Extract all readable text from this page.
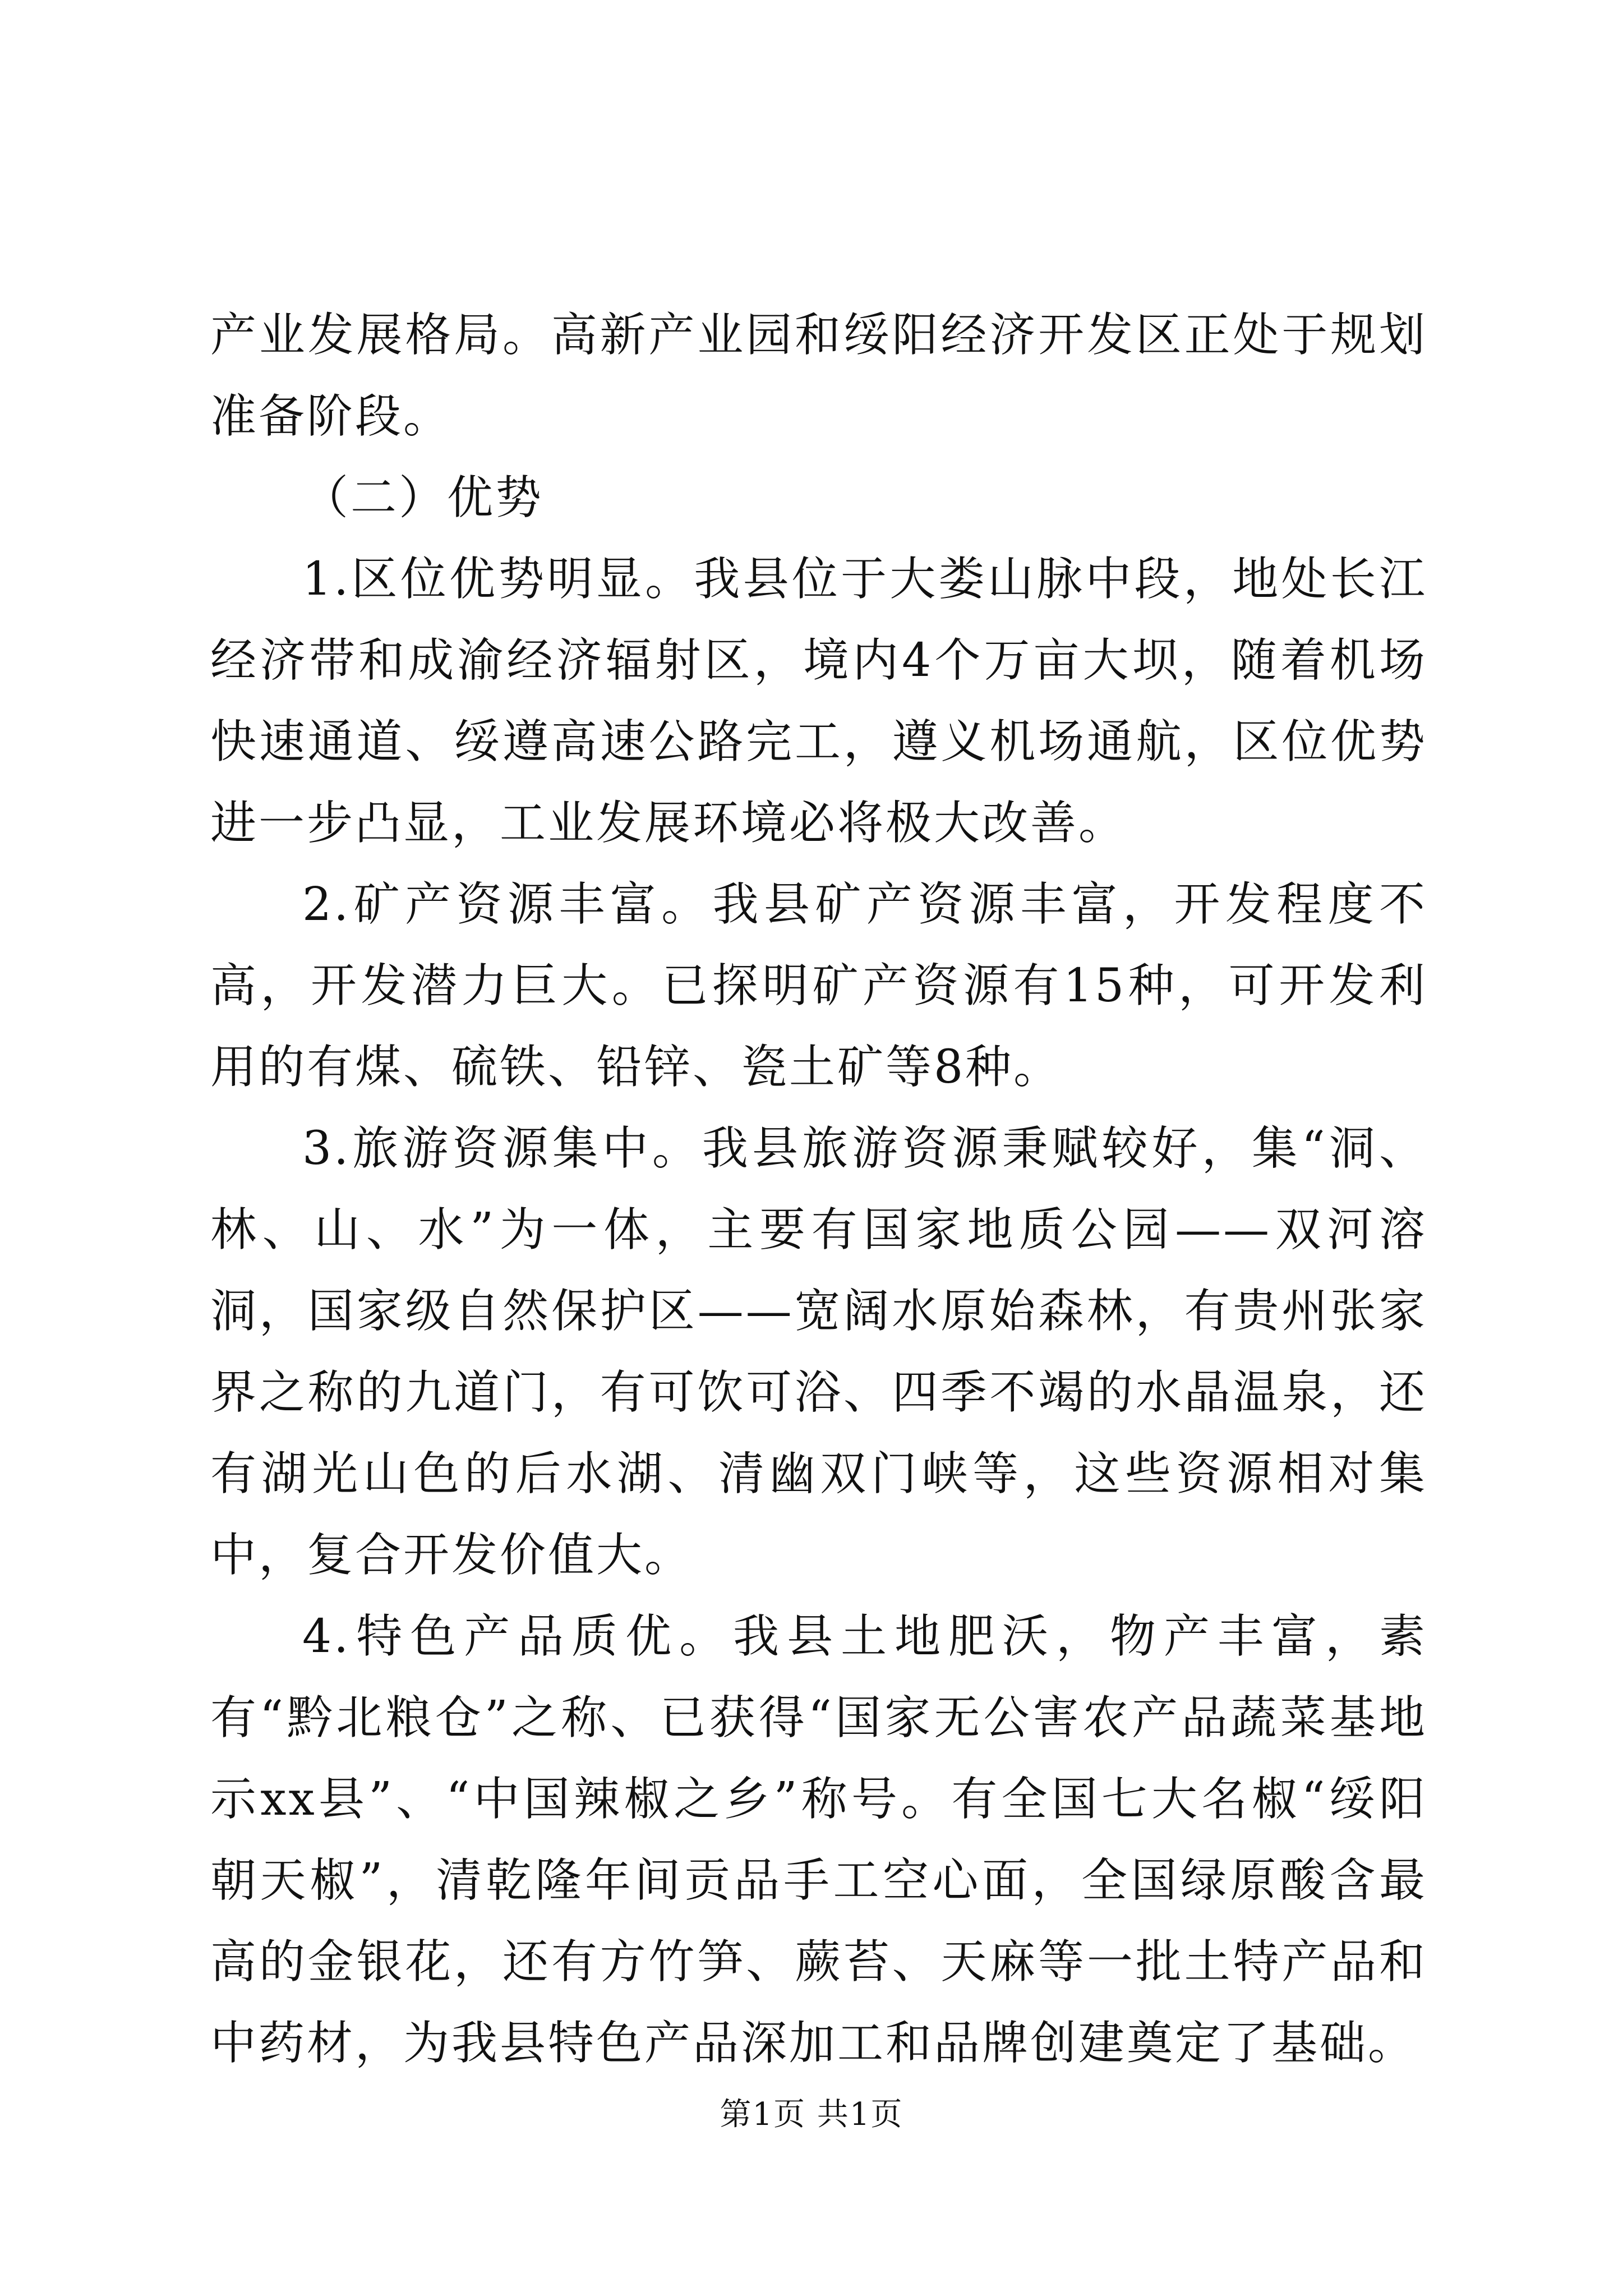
产业发展格局。高新产业园和绥阳经济开发区正处于规划准备阶段。

（二）优势

1.区位优势明显。我县位于大娄山脉中段，地处长江经济带和成渝经济辐射区，境内4个万亩大坝，随着机场快速通道、绥遵高速公路完工，遵义机场通航，区位优势进一步凸显，工业发展环境必将极大改善。

2.矿产资源丰富。我县矿产资源丰富，开发程度不高，开发潜力巨大。已探明矿产资源有15种，可开发利用的有煤、硫铁、铅锌、瓷土矿等8种。

3.旅游资源集中。我县旅游资源秉赋较好，集“洞、林、山、水”为一体，主要有国家地质公园——双河溶洞，国家级自然保护区——宽阔水原始森林，有贵州张家界之称的九道门，有可饮可浴、四季不竭的水晶温泉，还有湖光山色的后水湖、清幽双门峡等，这些资源相对集中，复合开发价值大。

4.特色产品质优。我县土地肥沃，物产丰富，素有“黔北粮仓”之称、已获得“国家无公害农产品蔬菜基地示xx县”、“中国辣椒之乡”称号。有全国七大名椒“绥阳朝天椒”，清乾隆年间贡品手工空心面，全国绿原酸含最高的金银花，还有方竹笋、蕨苔、天麻等一批土特产品和中药材，为我县特色产品深加工和品牌创建奠定了基础。

第1页 共1页
